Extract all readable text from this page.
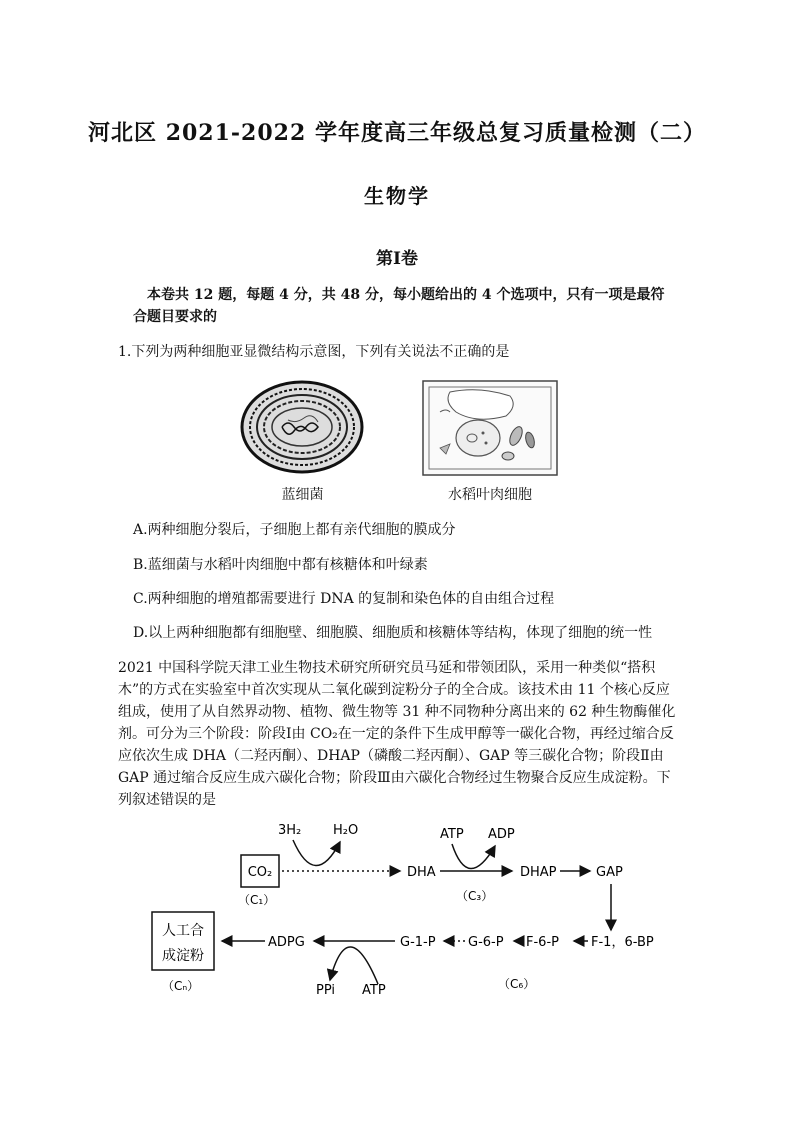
河北区 2021-2022 学年度高三年级总复习质量检测（二）
生物学
第Ⅰ卷
本卷共 12 题，每题 4 分，共 48 分，每小题给出的 4 个选项中，只有一项是最符合题目要求的
1.下列为两种细胞亚显微结构示意图，下列有关说法不正确的是
蓝细菌	水稻叶肉细胞
A.两种细胞分裂后，子细胞上都有亲代细胞的膜成分
B.蓝细菌与水稻叶肉细胞中都有核糖体和叶绿素
C.两种细胞的增殖都需要进行 DNA 的复制和染色体的自由组合过程
D.以上两种细胞都有细胞壁、细胞膜、细胞质和核糖体等结构，体现了细胞的统一性
2021 中国科学院天津工业生物技术研究所研究员马延和带领团队，采用一种类似“搭积木”的方式在实验室中首次实现从二氧化碳到淀粉分子的全合成。该技术由 11 个核心反应组成，使用了从自然界动物、植物、微生物等 31 种不同物种分离出来的 62 种生物酶催化剂。可分为三个阶段：阶段Ⅰ由 CO₂在一定的条件下生成甲醇等一碳化合物，再经过缩合反应依次生成 DHA（二羟丙酮）、DHAP（磷酸二羟丙酮）、GAP 等三碳化合物；阶段Ⅱ由 GAP 通过缩合反应生成六碳化合物；阶段Ⅲ由六碳化合物经过生物聚合反应生成淀粉。下列叙述错误的是
3H₂ H₂O
CO₂
（C₁）
DHA
ATP ADP
DHAP
（C₃）
GAP
人工合
成淀粉
（Cₙ）
ADPG
PPi ATP
G-1-P G-6-P F-6-P F-1，6-BP
（C₆）
